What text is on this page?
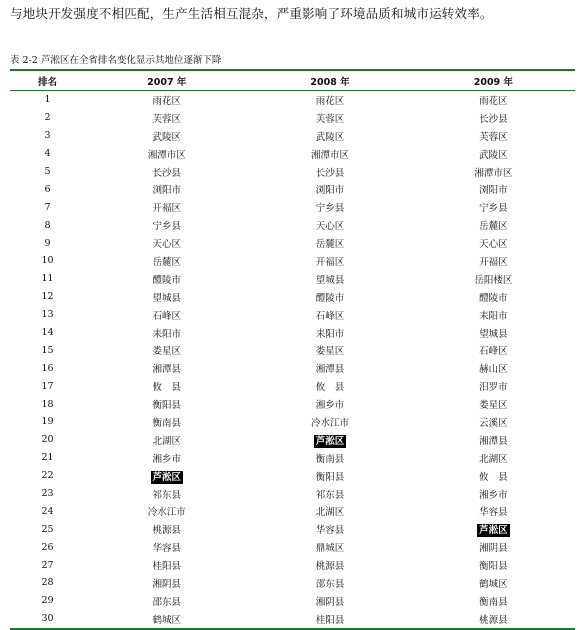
与地块开发强度不相匹配，生产生活相互混杂，严重影响了环境品质和城市运转效率。
表 2-2 芦淞区在全省排名变化显示其地位逐渐下降
排名	2007 年	2008 年	2009 年
1	雨花区	雨花区	雨花区
2	芙蓉区	芙蓉区	长沙县
3	武陵区	武陵区	芙蓉区
4	湘潭市区	湘潭市区	武陵区
5	长沙县	长沙县	湘潭市区
6	浏阳市	浏阳市	浏阳市
7	开福区	宁乡县	宁乡县
8	宁乡县	天心区	岳麓区
9	天心区	岳麓区	天心区
10	岳麓区	开福区	开福区
11	醴陵市	望城县	岳阳楼区
12	望城县	醴陵市	醴陵市
13	石峰区	石峰区	耒阳市
14	耒阳市	耒阳市	望城县
15	娄星区	娄星区	石峰区
16	湘潭县	湘潭县	赫山区
17	攸　县	攸　县	汨罗市
18	衡阳县	湘乡市	娄星区
19	衡南县	冷水江市	云溪区
20	北湖区	芦淞区	湘潭县
21	湘乡市	衡南县	北湖区
22	芦淞区	衡阳县	攸　县
23	祁东县	祁东县	湘乡市
24	冷水江市	北湖区	华容县
25	桃源县	华容县	芦淞区
26	华容县	鼎城区	湘阴县
27	桂阳县	桃源县	衡阳县
28	湘阴县	邵东县	鹤城区
29	邵东县	湘阴县	衡南县
30	鹤城区	桂阳县	桃源县
